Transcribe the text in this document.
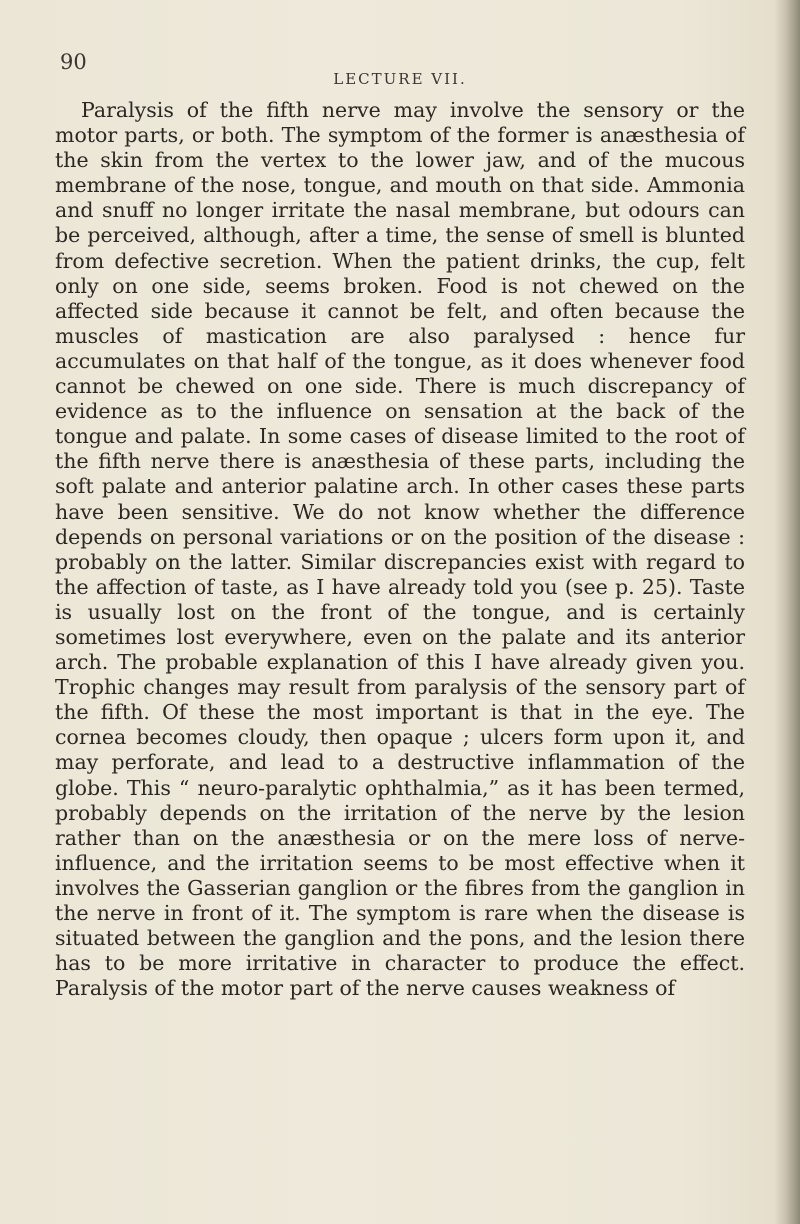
90
LECTURE VII.

Paralysis of the fifth nerve may involve the sensory or the motor parts, or both. The symptom of the former is anæsthesia of the skin from the vertex to the lower jaw, and of the mucous membrane of the nose, tongue, and mouth on that side. Ammonia and snuff no longer irritate the nasal membrane, but odours can be perceived, although, after a time, the sense of smell is blunted from defective secretion. When the patient drinks, the cup, felt only on one side, seems broken. Food is not chewed on the affected side because it cannot be felt, and often because the muscles of mastication are also paralysed : hence fur accumulates on that half of the tongue, as it does whenever food cannot be chewed on one side. There is much discrepancy of evidence as to the influence on sensation at the back of the tongue and palate. In some cases of disease limited to the root of the fifth nerve there is anæsthesia of these parts, including the soft palate and anterior palatine arch. In other cases these parts have been sensitive. We do not know whether the difference depends on personal variations or on the position of the disease : probably on the latter. Similar discrepancies exist with regard to the affection of taste, as I have already told you (see p. 25). Taste is usually lost on the front of the tongue, and is certainly sometimes lost everywhere, even on the palate and its anterior arch. The probable explanation of this I have already given you. Trophic changes may result from paralysis of the sensory part of the fifth. Of these the most important is that in the eye. The cornea becomes cloudy, then opaque ; ulcers form upon it, and may perforate, and lead to a destructive inflammation of the globe. This “ neuro-paralytic ophthalmia,” as it has been termed, probably depends on the irritation of the nerve by the lesion rather than on the anæsthesia or on the mere loss of nerve-influence, and the irritation seems to be most effective when it involves the Gasserian ganglion or the fibres from the ganglion in the nerve in front of it. The symptom is rare when the disease is situated between the ganglion and the pons, and the lesion there has to be more irritative in character to produce the effect. Paralysis of the motor part of the nerve causes weakness of
